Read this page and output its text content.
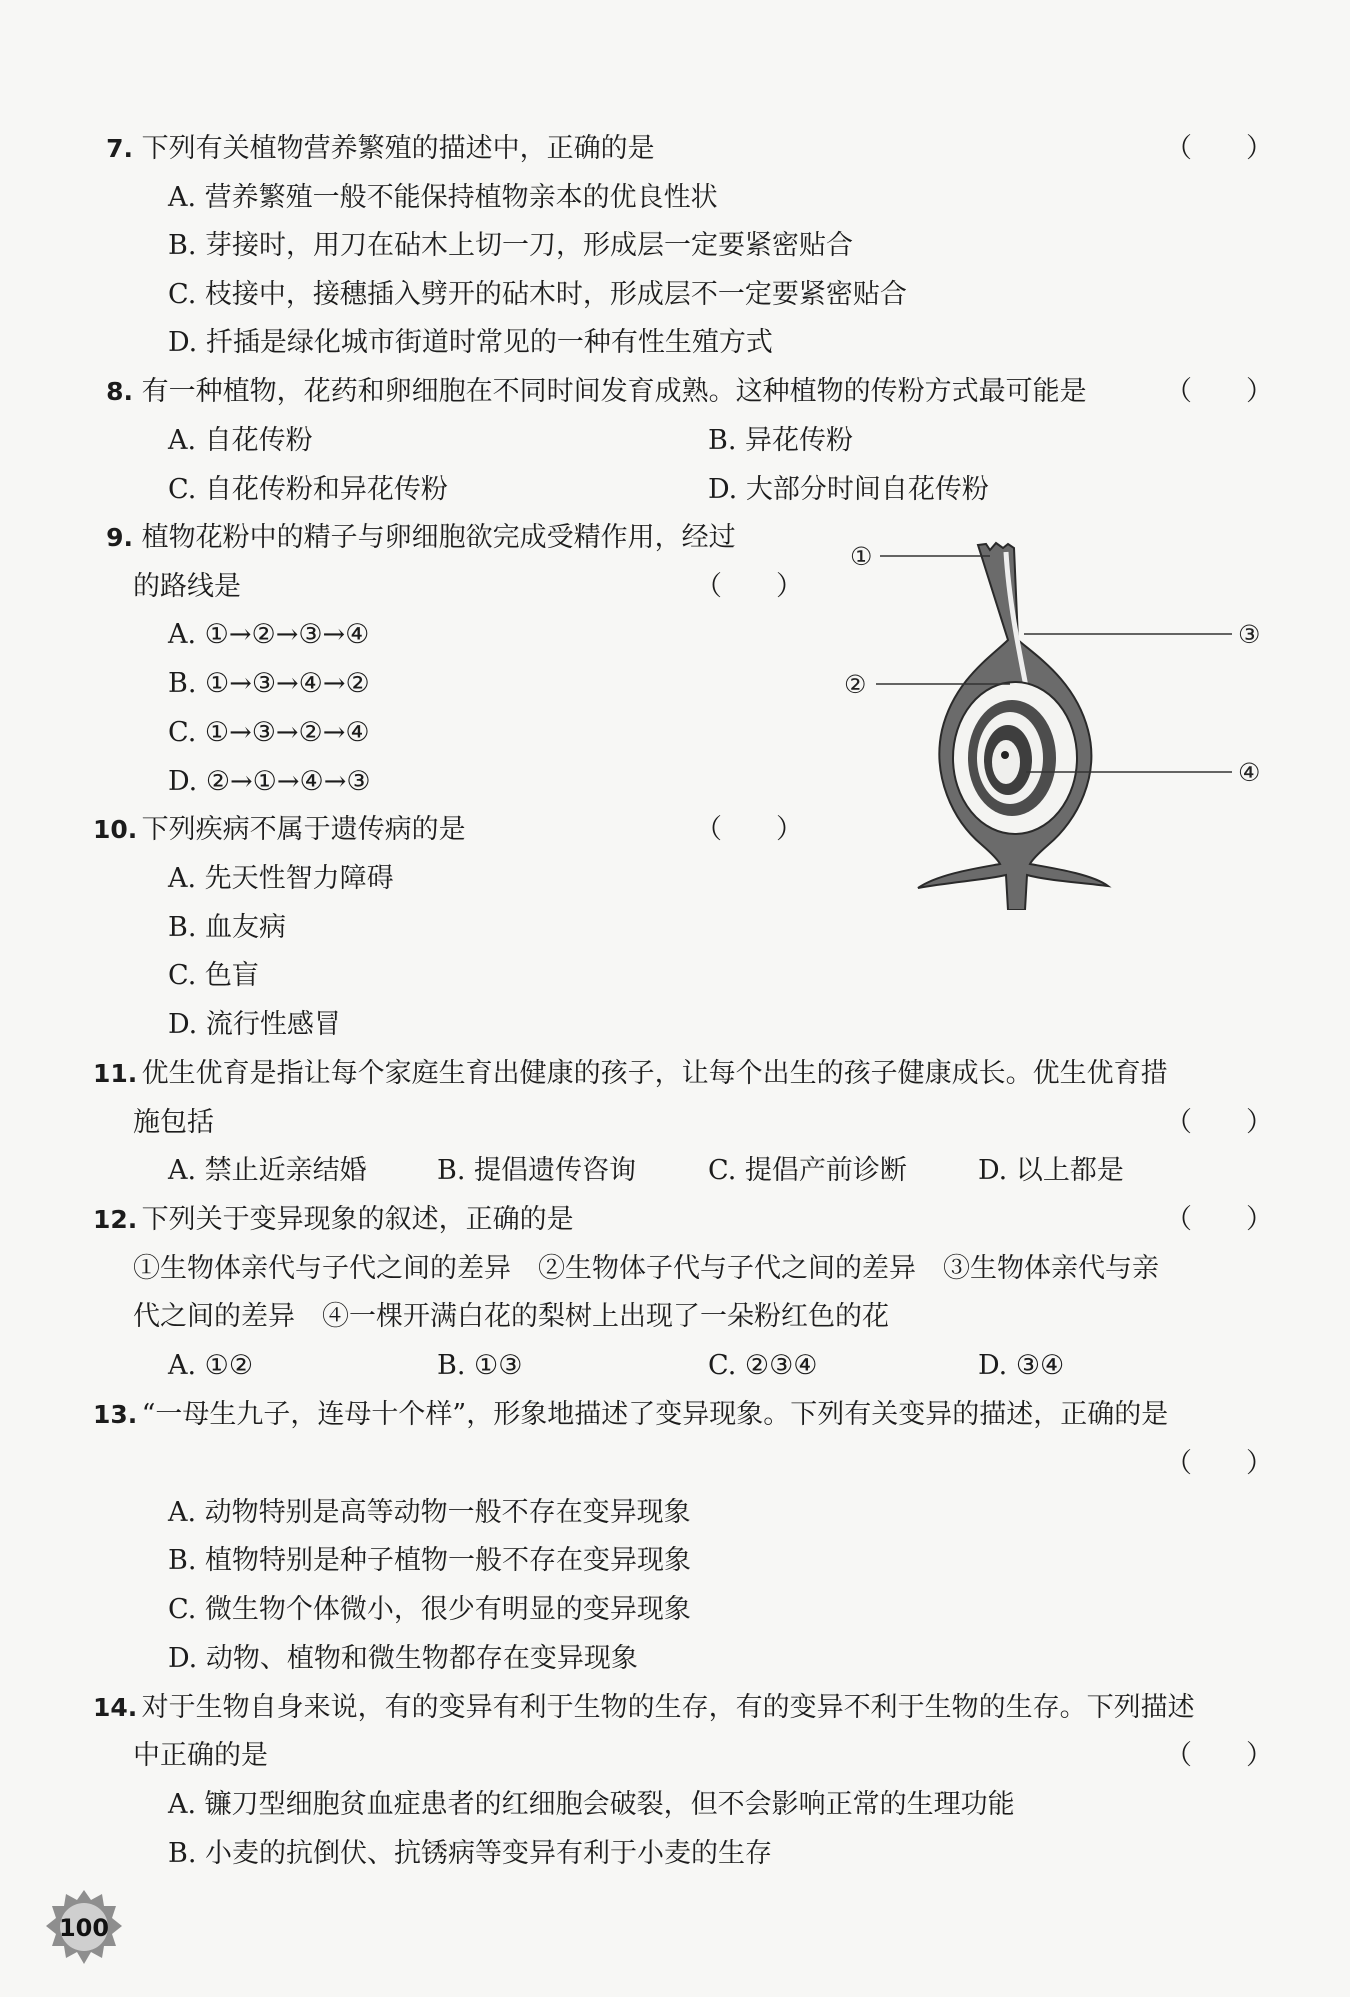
7. 下列有关植物营养繁殖的描述中，正确的是	（　　）
A. 营养繁殖一般不能保持植物亲本的优良性状
B. 芽接时，用刀在砧木上切一刀，形成层一定要紧密贴合
C. 枝接中，接穗插入劈开的砧木时，形成层不一定要紧密贴合
D. 扦插是绿化城市街道时常见的一种有性生殖方式
8. 有一种植物，花药和卵细胞在不同时间发育成熟。这种植物的传粉方式最可能是	（　　）
A. 自花传粉	B. 异花传粉
C. 自花传粉和异花传粉	D. 大部分时间自花传粉
9. 植物花粉中的精子与卵细胞欲完成受精作用，经过
的路线是	（　　）
A. ①→②→③→④
B. ①→③→④→②
C. ①→③→②→④
D. ②→①→④→③
①
③
②
④
10. 下列疾病不属于遗传病的是	（　　）
A. 先天性智力障碍
B. 血友病
C. 色盲
D. 流行性感冒
11. 优生优育是指让每个家庭生育出健康的孩子，让每个出生的孩子健康成长。优生优育措
施包括	（　　）
A. 禁止近亲结婚	B. 提倡遗传咨询	C. 提倡产前诊断	D. 以上都是
12. 下列关于变异现象的叙述，正确的是	（　　）
①生物体亲代与子代之间的差异　②生物体子代与子代之间的差异　③生物体亲代与亲
代之间的差异　④一棵开满白花的梨树上出现了一朵粉红色的花
A. ①②	B. ①③	C. ②③④	D. ③④
13. “一母生九子，连母十个样”，形象地描述了变异现象。下列有关变异的描述，正确的是
（　　）
A. 动物特别是高等动物一般不存在变异现象
B. 植物特别是种子植物一般不存在变异现象
C. 微生物个体微小，很少有明显的变异现象
D. 动物、植物和微生物都存在变异现象
14. 对于生物自身来说，有的变异有利于生物的生存，有的变异不利于生物的生存。下列描述
中正确的是	（　　）
A. 镰刀型细胞贫血症患者的红细胞会破裂，但不会影响正常的生理功能
B. 小麦的抗倒伏、抗锈病等变异有利于小麦的生存
100
